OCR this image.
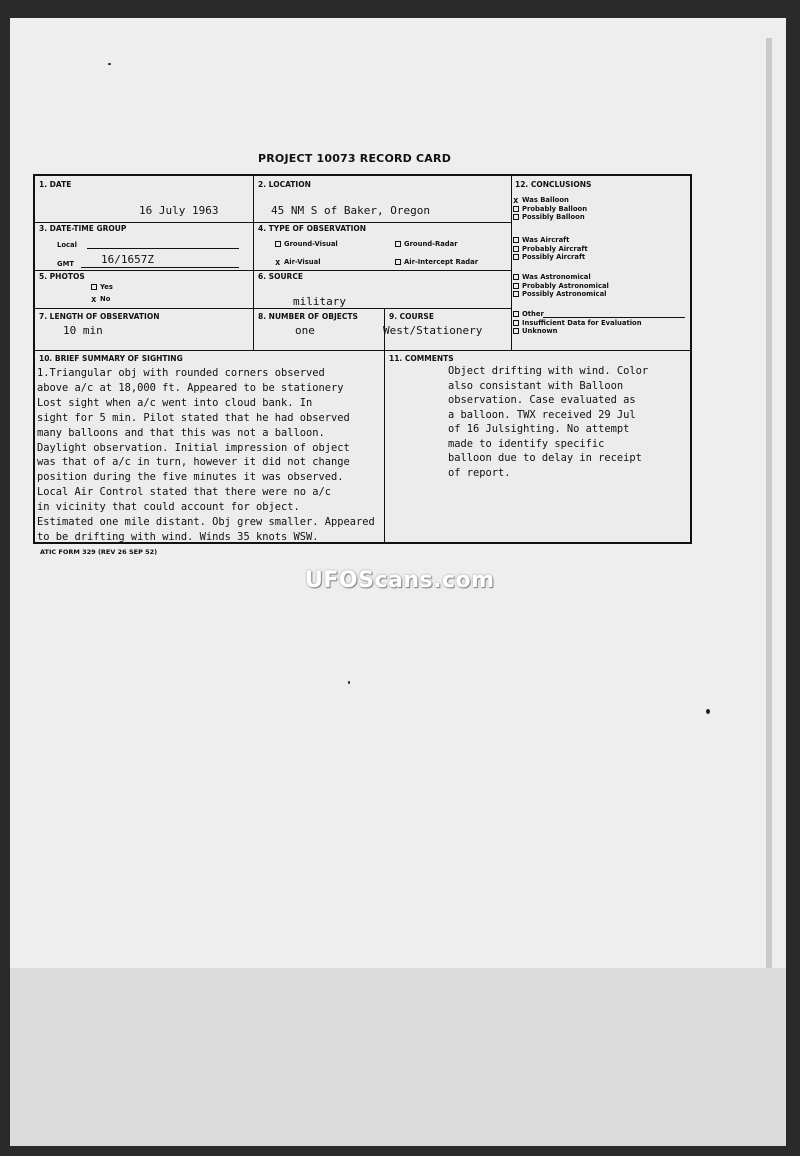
PROJECT 10073 RECORD CARD
1. DATE
16 July 1963
2. LOCATION
45 NM S of Baker, Oregon
3. DATE-TIME GROUP
Local
GMT 16/1657Z
4. TYPE OF OBSERVATION
Ground-Visual	Ground-Radar
x Air-Visual	Air-Intercept Radar
5. PHOTOS
Yes
x No
6. SOURCE
military
7. LENGTH OF OBSERVATION
10 min
8. NUMBER OF OBJECTS
one
9. COURSE
West/Stationery
12. CONCLUSIONS
x Was Balloon
Probably Balloon
Possibly Balloon
Was Aircraft
Probably Aircraft
Possibly Aircraft
Was Astronomical
Probably Astronomical
Possibly Astronomical
Other
Insufficient Data for Evaluation
Unknown
10. BRIEF SUMMARY OF SIGHTING
1.Triangular obj with rounded corners observed
above a/c at 18,000 ft. Appeared to be stationery
Lost sight when a/c went into cloud bank. In
sight for 5 min. Pilot stated that he had observed
many balloons and that this was not a balloon.
Daylight observation. Initial impression of object
was that of a/c in turn, however it did not change
position during the five minutes it was observed.
Local Air Control stated that there were no a/c
in vicinity that could account for object.
Estimated one mile distant. Obj grew smaller. Appeared
to be drifting with wind. Winds 35 knots WSW.
11. COMMENTS
Object drifting with wind. Color
also consistant with Balloon
observation. Case evaluated as
a balloon. TWX received 29 Jul
of 16 Julsighting. No attempt
made to identify specific
balloon due to delay in receipt
of report.
ATIC FORM 329 (REV 26 SEP 52)
UFOScans.com
